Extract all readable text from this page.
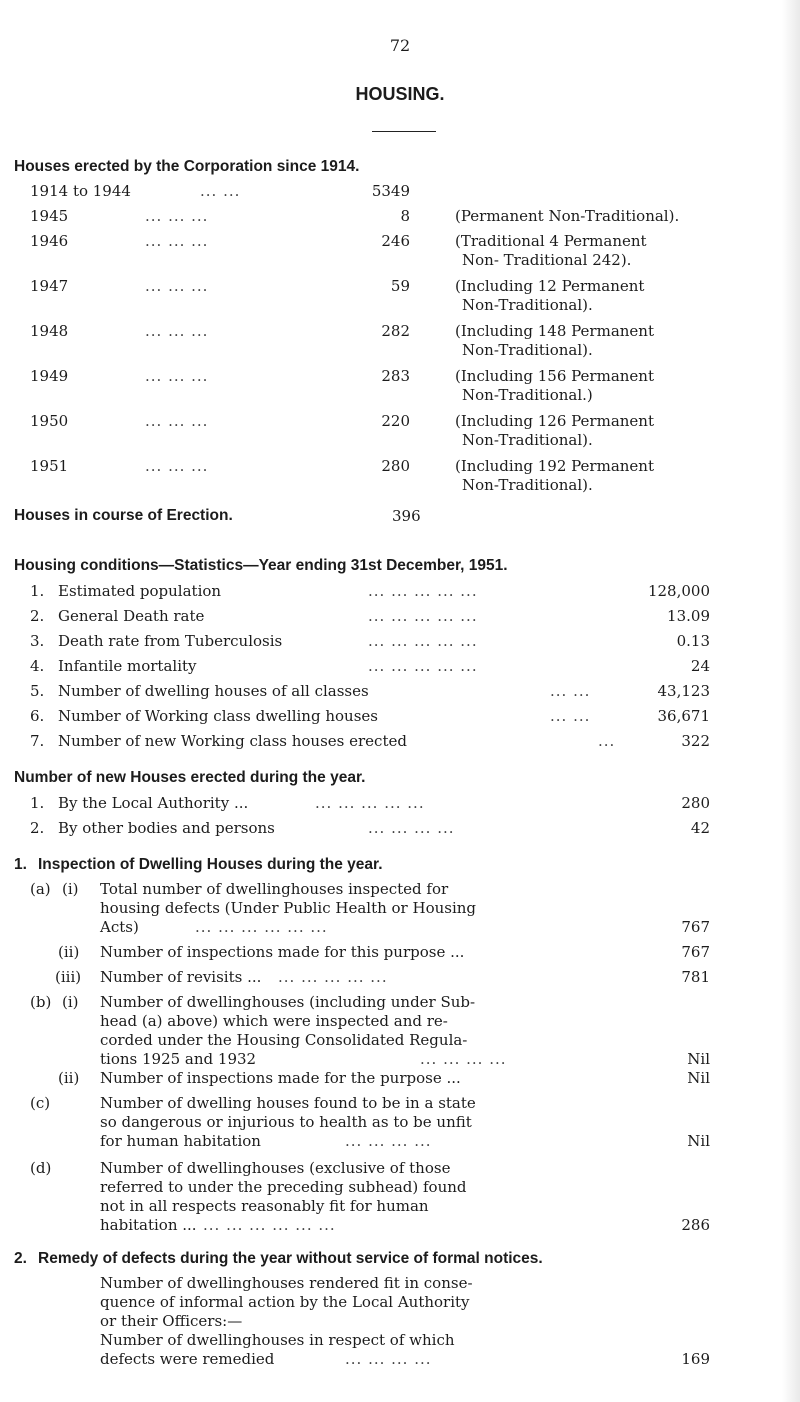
72
HOUSING.
Houses erected by the Corporation since 1914.
1914 to 1944	... ...	5349
1945	... ... ...	8	(Permanent Non-Traditional).
1946	... ... ...	246	(Traditional 4 Permanent
Non- Traditional 242).
1947	... ... ...	59	(Including 12 Permanent
Non-Traditional).
1948	... ... ...	282	(Including 148 Permanent
Non-Traditional).
1949	... ... ...	283	(Including 156 Permanent
Non-Traditional.)
1950	... ... ...	220	(Including 126 Permanent
Non-Traditional).
1951	... ... ...	280	(Including 192 Permanent
Non-Traditional).
Houses in course of Erection.	396
Housing conditions—Statistics—Year ending 31st December, 1951.
1. Estimated population	... ... ... ... ...	128,000
2. General Death rate	... ... ... ... ...	13.09
3. Death rate from Tuberculosis	... ... ... ... ...	0.13
4. Infantile mortality	... ... ... ... ...	24
5. Number of dwelling houses of all classes	... ...	43,123
6. Number of Working class dwelling houses	... ...	36,671
7. Number of new Working class houses erected	...	322
Number of new Houses erected during the year.
1. By the Local Authority ...	... ... ... ... ...	280
2. By other bodies and persons	... ... ... ...	42
1. Inspection of Dwelling Houses during the year.
(a) (i) Total number of dwellinghouses inspected for
housing defects (Under Public Health or Housing
Acts)	... ... ... ... ... ...	767
(ii) Number of inspections made for this purpose ...	767
(iii) Number of revisits ... ... ... ... ... ...	781
(b) (i) Number of dwellinghouses (including under Sub-
head (a) above) which were inspected and re-
corded under the Housing Consolidated Regula-
tions 1925 and 1932	... ... ... ...	Nil
(ii) Number of inspections made for the purpose ...	Nil
(c)	Number of dwelling houses found to be in a state
so dangerous or injurious to health as to be unfit
for human habitation	... ... ... ...	Nil
(d)	Number of dwellinghouses (exclusive of those
referred to under the preceding subhead) found
not in all respects reasonably fit for human
habitation ... ... ... ... ... ... ...	286
2. Remedy of defects during the year without service of formal notices.
Number of dwellinghouses rendered fit in conse-
quence of informal action by the Local Authority
or their Officers:—
Number of dwellinghouses in respect of which
defects were remedied	... ... ... ...	169
